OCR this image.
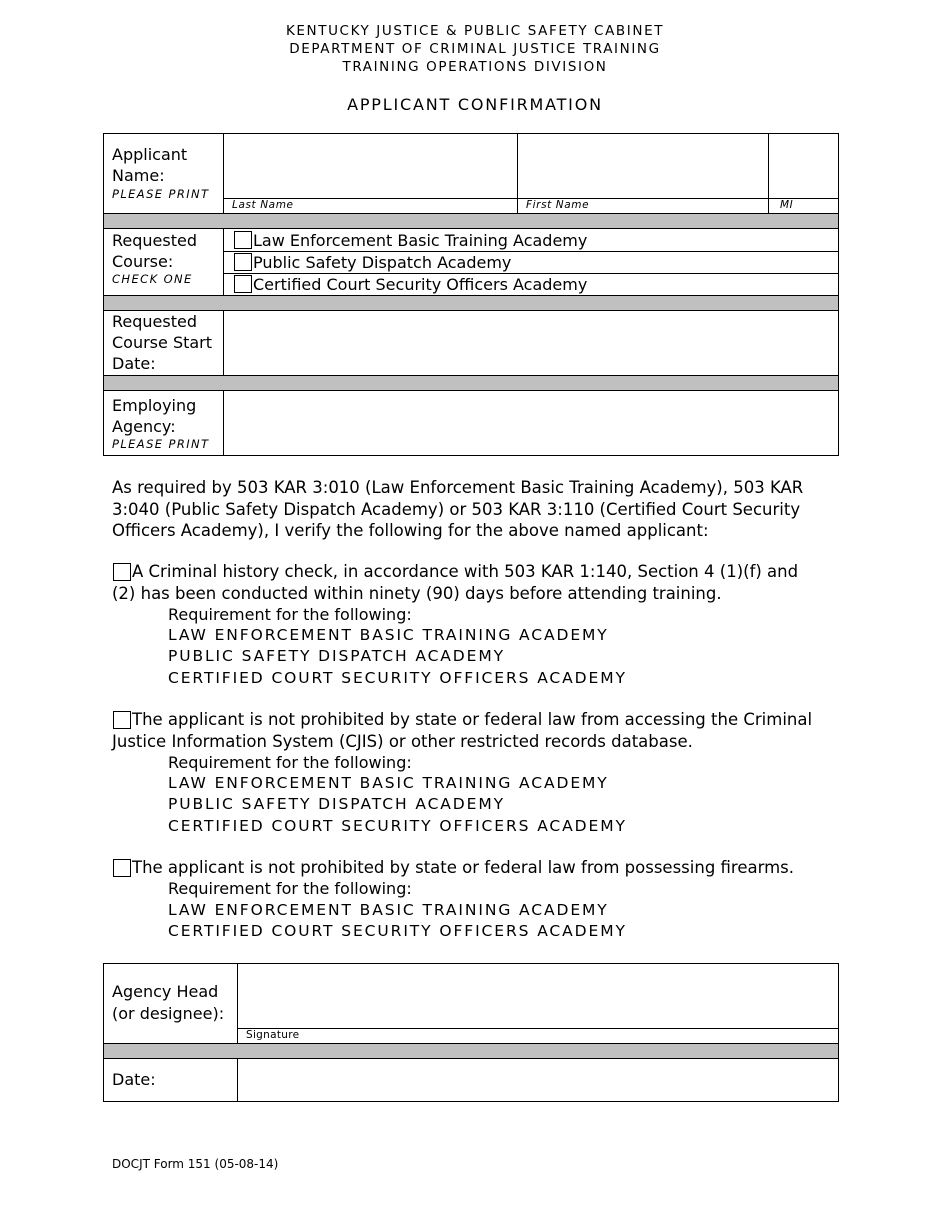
KENTUCKY JUSTICE & PUBLIC SAFETY CABINET
DEPARTMENT OF CRIMINAL JUSTICE TRAINING
TRAINING OPERATIONS DIVISION
APPLICANT CONFIRMATION
Applicant
Name:
PLEASE PRINT
Last Name	First Name	MI
Requested
Course:
CHECK ONE
Law Enforcement Basic Training Academy
Public Safety Dispatch Academy
Certified Court Security Officers Academy
Requested
Course Start
Date:
Employing
Agency:
PLEASE PRINT
As required by 503 KAR 3:010 (Law Enforcement Basic Training Academy), 503 KAR 3:040 (Public Safety Dispatch Academy) or 503 KAR 3:110 (Certified Court Security Officers Academy), I verify the following for the above named applicant:
A Criminal history check, in accordance with 503 KAR 1:140, Section 4 (1)(f) and (2) has been conducted within ninety (90) days before attending training.
Requirement for the following:
LAW ENFORCEMENT BASIC TRAINING ACADEMY
PUBLIC SAFETY DISPATCH ACADEMY
CERTIFIED COURT SECURITY OFFICERS ACADEMY
The applicant is not prohibited by state or federal law from accessing the Criminal Justice Information System (CJIS) or other restricted records database.
Requirement for the following:
LAW ENFORCEMENT BASIC TRAINING ACADEMY
PUBLIC SAFETY DISPATCH ACADEMY
CERTIFIED COURT SECURITY OFFICERS ACADEMY
The applicant is not prohibited by state or federal law from possessing firearms.
Requirement for the following:
LAW ENFORCEMENT BASIC TRAINING ACADEMY
CERTIFIED COURT SECURITY OFFICERS ACADEMY
Agency Head
(or designee):
Signature
Date:
DOCJT Form 151 (05-08-14)
